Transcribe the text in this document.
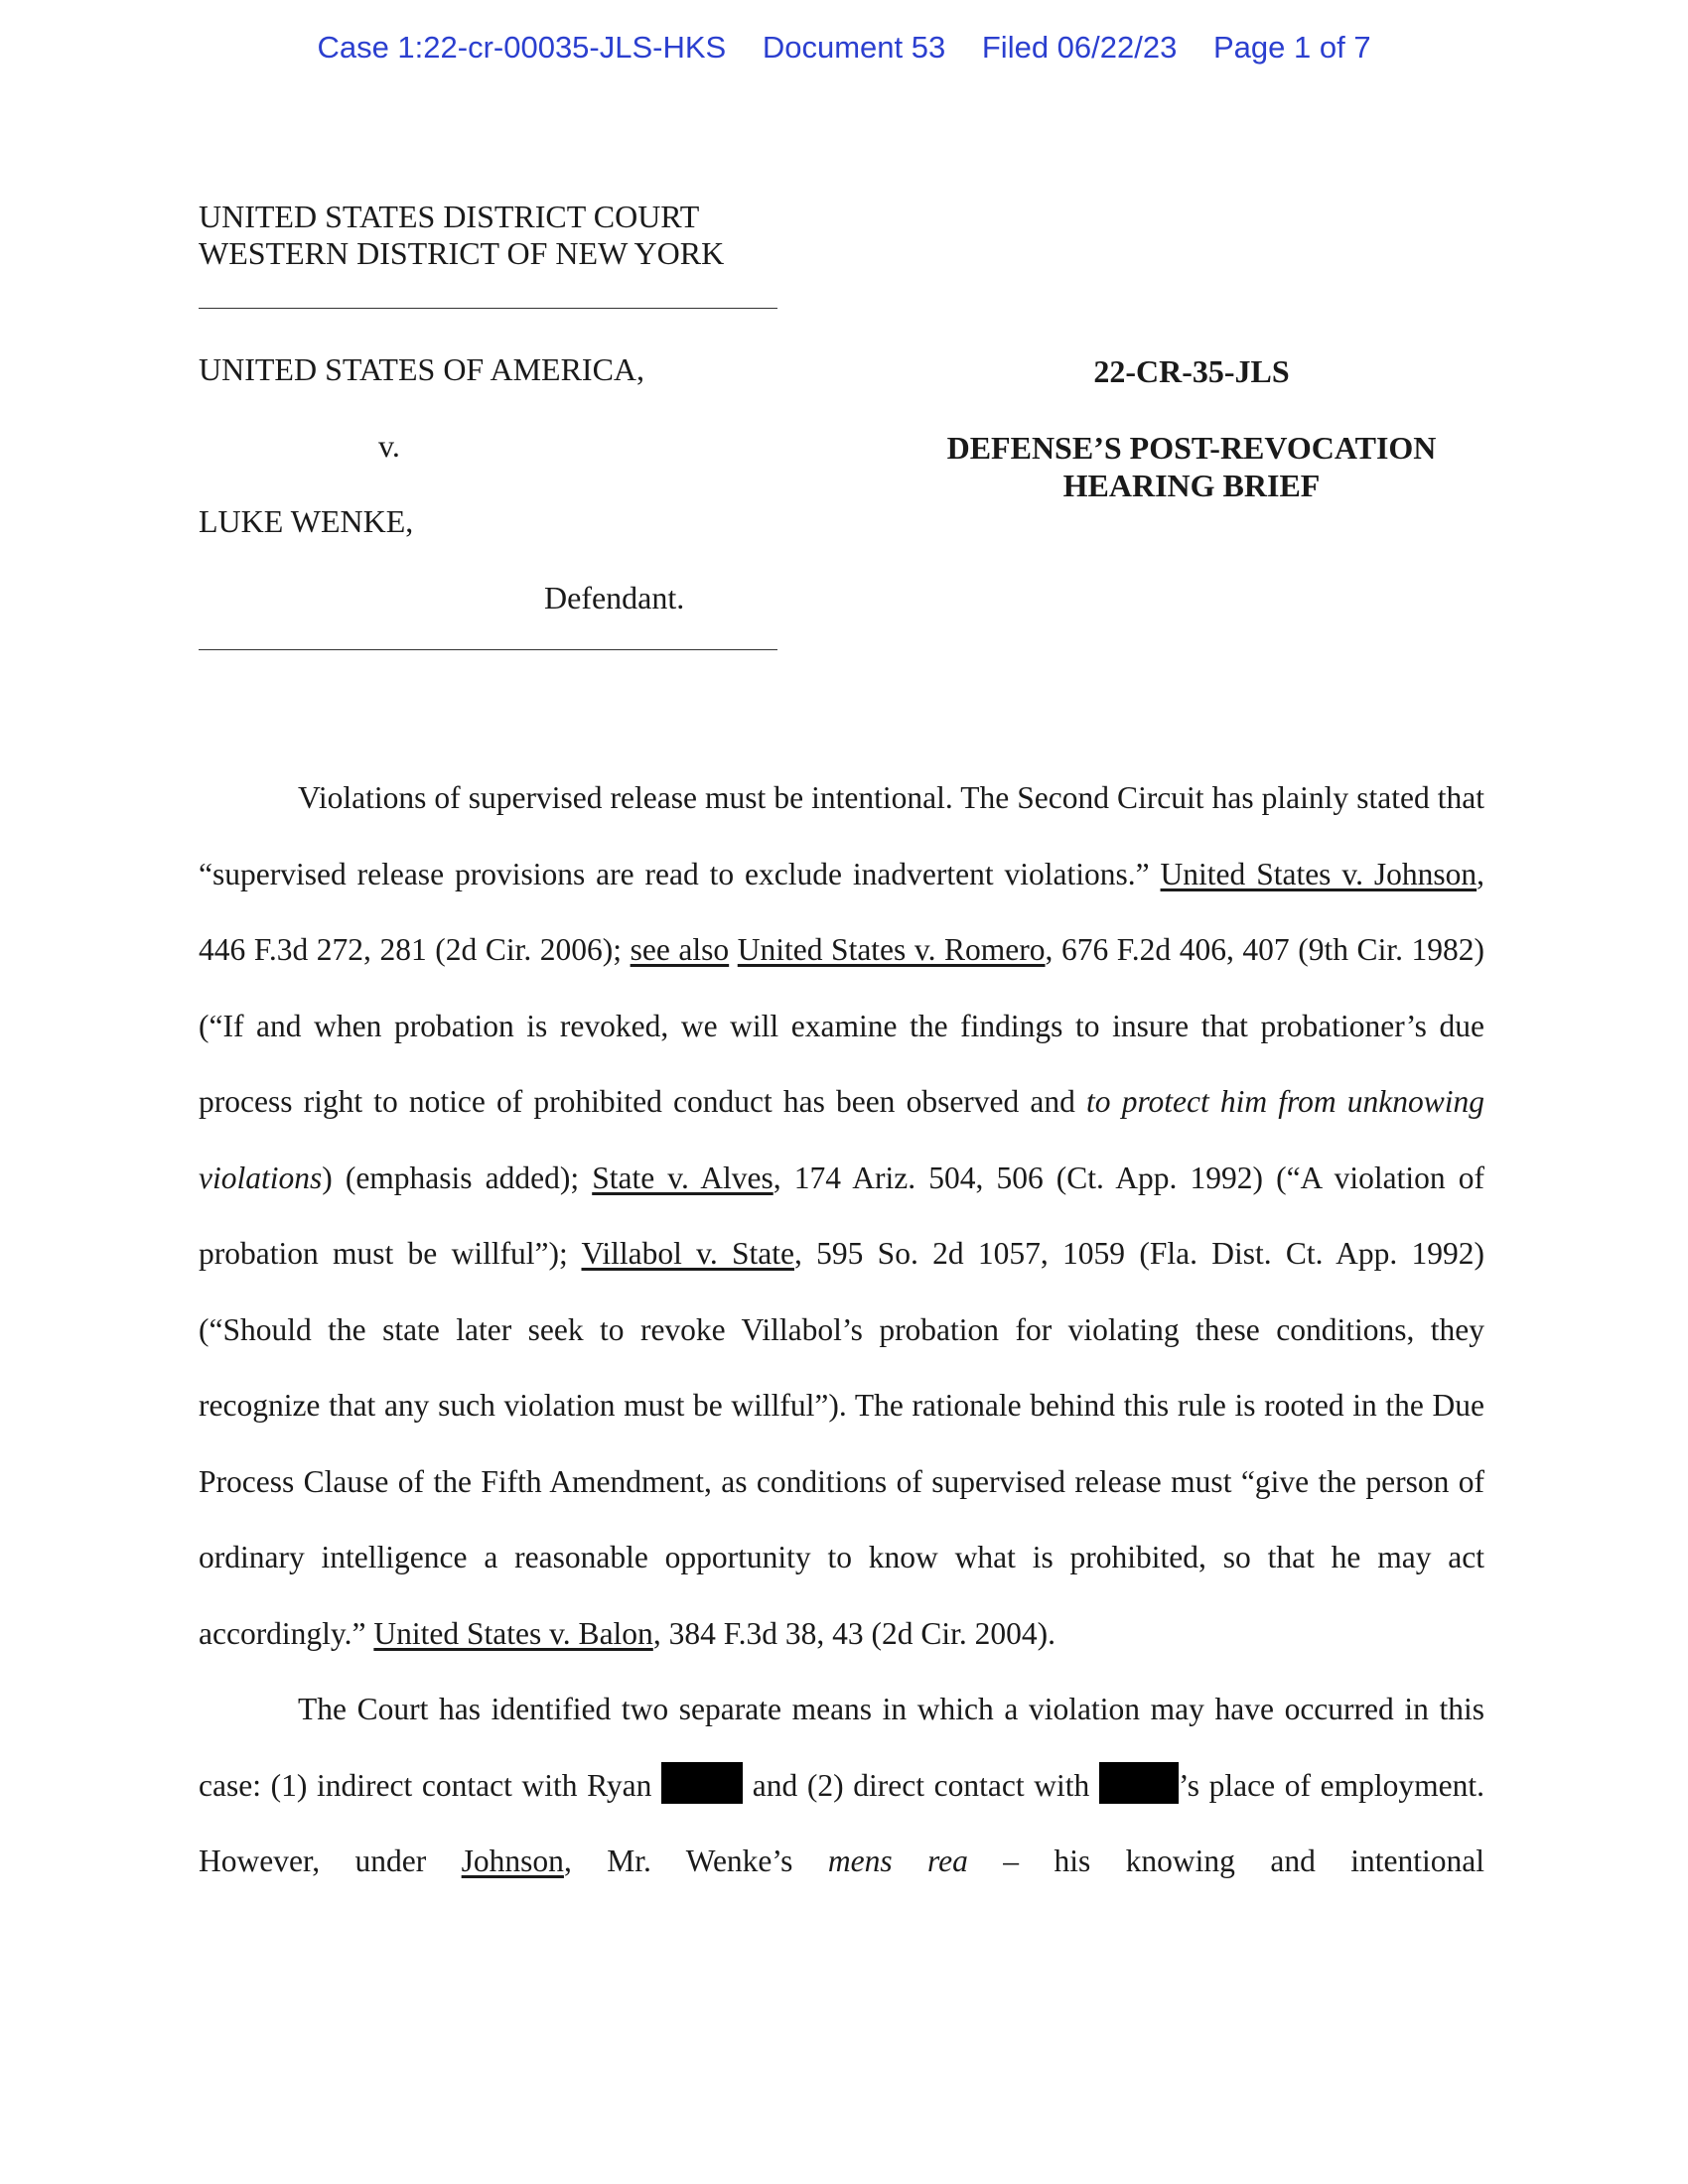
Case 1:22-cr-00035-JLS-HKS Document 53 Filed 06/22/23 Page 1 of 7
UNITED STATES DISTRICT COURT
WESTERN DISTRICT OF NEW YORK
UNITED STATES OF AMERICA,
v.
LUKE WENKE,
Defendant.
22-CR-35-JLS
DEFENSE’S POST-REVOCATION
HEARING BRIEF

Violations of supervised release must be intentional. The Second Circuit has plainly stated that “supervised release provisions are read to exclude inadvertent violations.” United States v. Johnson, 446 F.3d 272, 281 (2d Cir. 2006); see also United States v. Romero, 676 F.2d 406, 407 (9th Cir. 1982) (“If and when probation is revoked, we will examine the findings to insure that probationer’s due process right to notice of prohibited conduct has been observed and to protect him from unknowing violations) (emphasis added); State v. Alves, 174 Ariz. 504, 506 (Ct. App. 1992) (“A violation of probation must be willful”); Villabol v. State, 595 So. 2d 1057, 1059 (Fla. Dist. Ct. App. 1992) (“Should the state later seek to revoke Villabol’s probation for violating these conditions, they recognize that any such violation must be willful”). The rationale behind this rule is rooted in the Due Process Clause of the Fifth Amendment, as conditions of supervised release must “give the person of ordinary intelligence a reasonable opportunity to know what is prohibited, so that he may act accordingly.” United States v. Balon, 384 F.3d 38, 43 (2d Cir. 2004).

The Court has identified two separate means in which a violation may have occurred in this case: (1) indirect contact with Ryan	and (2) direct contact with	’s place of employment. However, under Johnson, Mr. Wenke’s mens rea – his knowing and intentional
